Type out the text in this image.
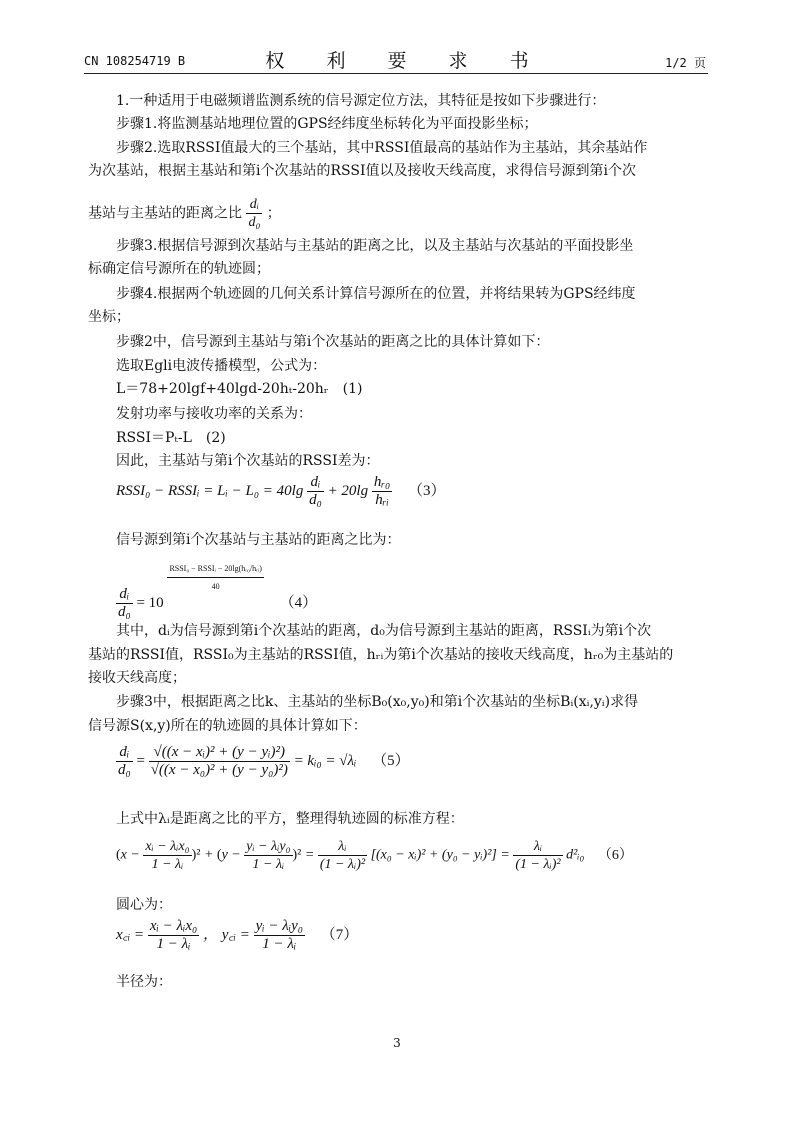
CN 108254719 B	权 利 要 求 书	1/2 页
1.一种适用于电磁频谱监测系统的信号源定位方法，其特征是按如下步骤进行：
步骤1.将监测基站地理位置的GPS经纬度坐标转化为平面投影坐标；
步骤2.选取RSSI值最大的三个基站，其中RSSI值最高的基站作为主基站，其余基站作
为次基站，根据主基站和第i个次基站的RSSI值以及接收天线高度，求得信号源到第i个次
基站与主基站的距离之比 $\frac{\text{dᵢ}}{\text{d₀}}$ ；
步骤3.根据信号源到次基站与主基站的距离之比，以及主基站与次基站的平面投影坐
标确定信号源所在的轨迹圆；
步骤4.根据两个轨迹圆的几何关系计算信号源所在的位置，并将结果转为GPS经纬度
坐标；
步骤2中，信号源到主基站与第i个次基站的距离之比的具体计算如下：
选取Egli电波传播模型，公式为：
L＝78+20lgf+40lgd-20hₜ-20hᵣ　(1)
发射功率与接收功率的关系为：
RSSI＝Pₜ-L　(2)
因此，主基站与第i个次基站的RSSI差为：
RSSI₀ − RSSIᵢ = Lᵢ − $L_0 = 40\lg \frac{\text{dᵢ}}{\text{d₀}} + 20\lg \frac{\text{hᵣ₀}}{\text{hᵣᵢ}} (3)$
信号源到第i个次基站与主基站的距离之比为：
$\frac{\text{dᵢ}}{\text{d₀}} = 10$
$\frac{\text{RSSI₀ − RSSIᵢ − 20lg(hᵣ₀/hᵣᵢ)}}{40}$
（4）
其中，dᵢ为信号源到第i个次基站的距离，d₀为信号源到主基站的距离，RSSIᵢ为第i个次
基站的RSSI值，RSSI₀为主基站的RSSI值，hᵣᵢ为第i个次基站的接收天线高度，hᵣ₀为主基站的
接收天线高度；
步骤3中，根据距离之比k、主基站的坐标B₀(x₀,y₀)和第i个次基站的坐标Bᵢ(xᵢ,yᵢ)求得
信号源S(x,y)所在的轨迹圆的具体计算如下：
$\frac{\text{dᵢ}}{\text{d₀}} = \frac{\text{√((x − xᵢ)² + (y − yᵢ)²)}}{\text{√((x − x₀)² + (y − y₀)²)}}$ = kᵢ₀ = √λᵢ （5）
上式中λᵢ是距离之比的平方，整理得轨迹圆的标准方程：
$(x - \frac{\text{xᵢ − λᵢx₀}}{\text{1 − λᵢ}} )^2 + (y - \frac{\text{yᵢ − λᵢy₀}}{\text{1 − λᵢ}} )^2 = \frac{\text{λᵢ}}{\text{(1 − λᵢ)²}} [(x_0$ − xᵢ)² + (y₀ − yᵢ)²] = $\frac{\text{λᵢ}}{\text{(1 − λᵢ)²}}$ d²ᵢ₀ （6）
圆心为：
x꜀ᵢ = $\frac{\text{xᵢ − λᵢx₀}}{\text{1 − λᵢ}}$ ， y꜀ᵢ = $\frac{\text{yᵢ − λᵢy₀}}{\text{1 − λᵢ}} (7)$
半径为：
3
